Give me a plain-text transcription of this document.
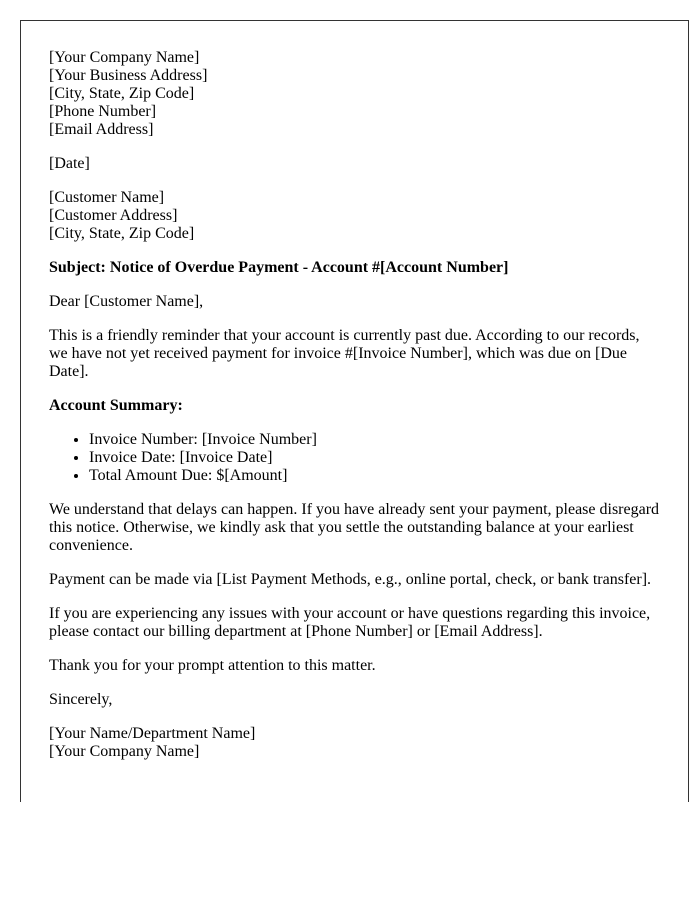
[Your Company Name]
[Your Business Address]
[City, State, Zip Code]
[Phone Number]
[Email Address]

[Date]

[Customer Name]
[Customer Address]
[City, State, Zip Code]

Subject: Notice of Overdue Payment - Account #[Account Number]

Dear [Customer Name],

This is a friendly reminder that your account is currently past due. According to our records, we have not yet received payment for invoice #[Invoice Number], which was due on [Due Date].

Account Summary:

• Invoice Number: [Invoice Number]
• Invoice Date: [Invoice Date]
• Total Amount Due: $[Amount]

We understand that delays can happen. If you have already sent your payment, please disregard this notice. Otherwise, we kindly ask that you settle the outstanding balance at your earliest convenience.

Payment can be made via [List Payment Methods, e.g., online portal, check, or bank transfer].

If you are experiencing any issues with your account or have questions regarding this invoice, please contact our billing department at [Phone Number] or [Email Address].

Thank you for your prompt attention to this matter.

Sincerely,

[Your Name/Department Name]
[Your Company Name]
